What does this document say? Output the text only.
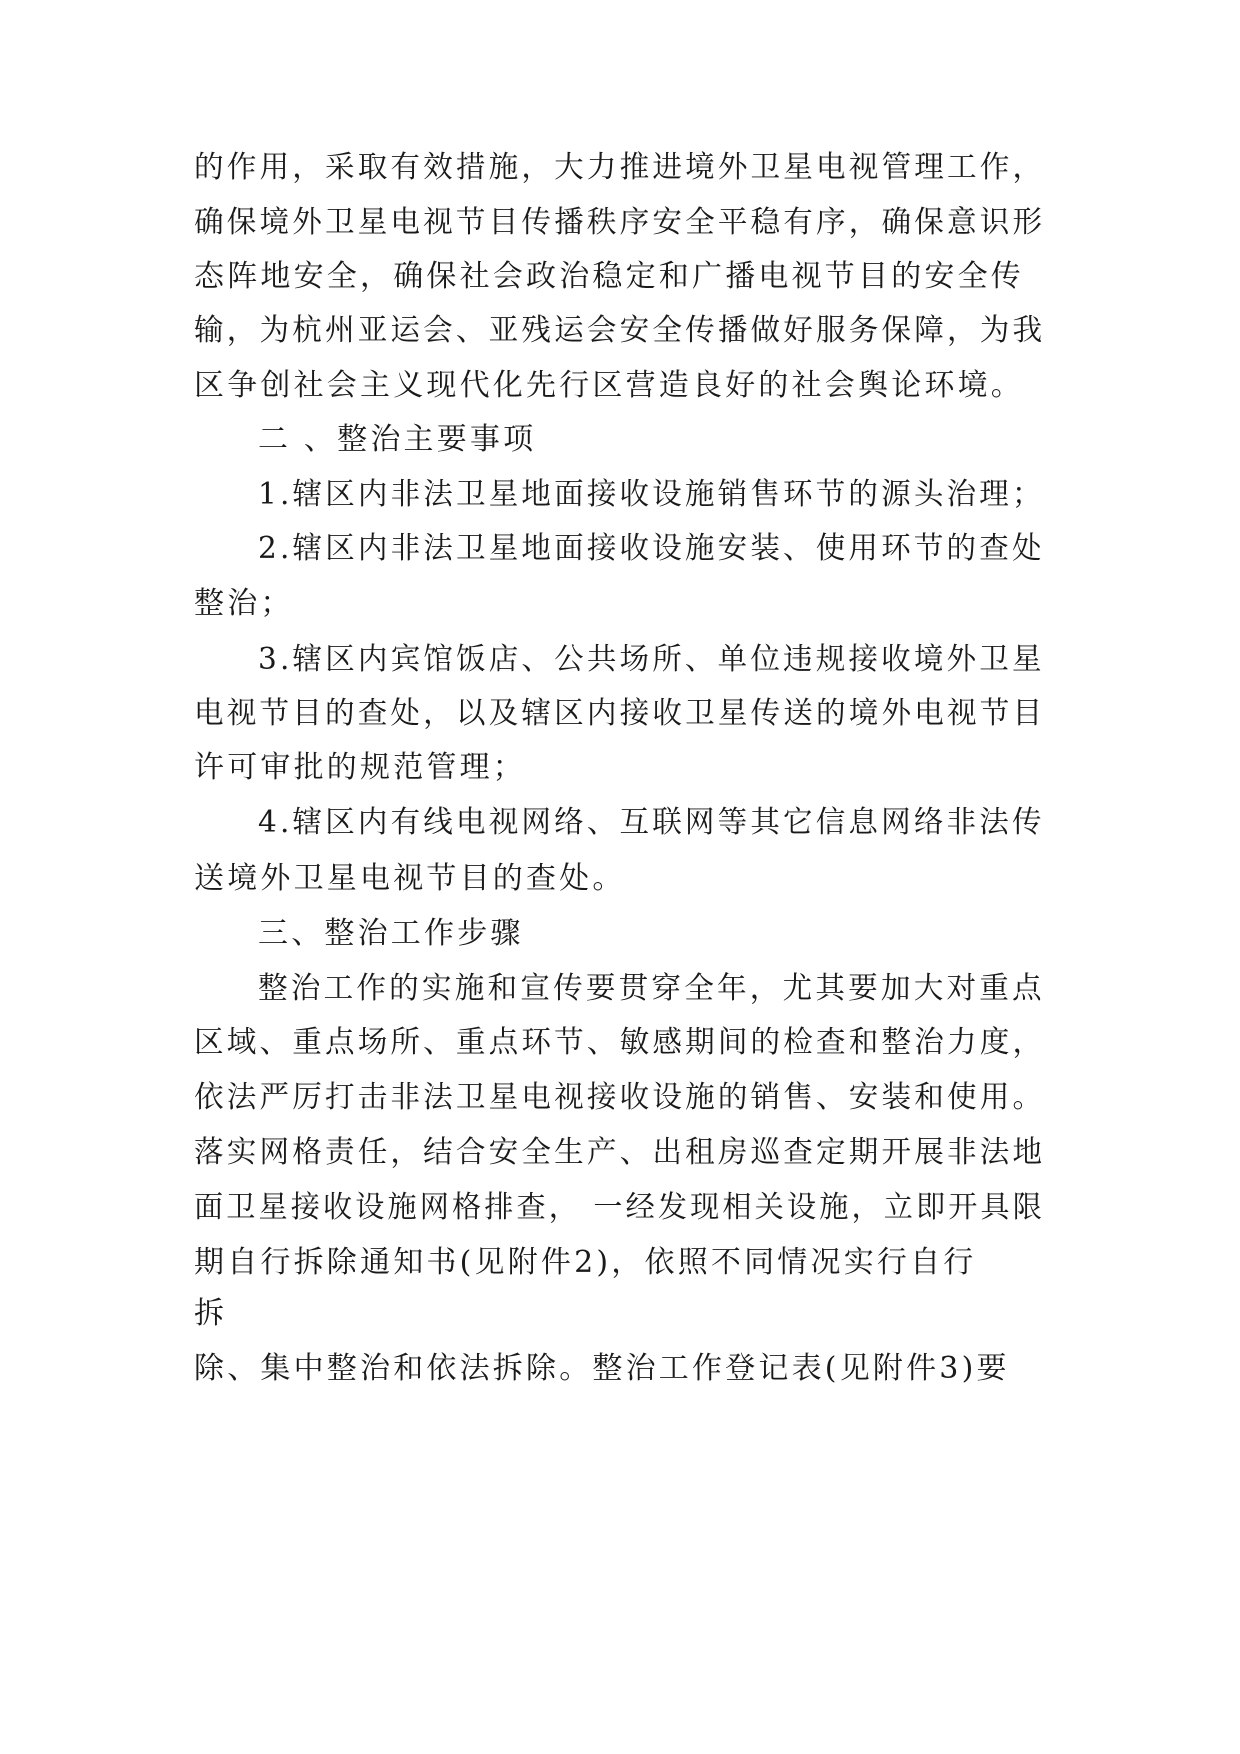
的作用，采取有效措施，大力推进境外卫星电视管理工作，

确保境外卫星电视节目传播秩序安全平稳有序，确保意识形

态阵地安全，确保社会政治稳定和广播电视节目的安全传

输，为杭州亚运会、亚残运会安全传播做好服务保障，为我

区争创社会主义现代化先行区营造良好的社会舆论环境。

二 、整治主要事项

1.辖区内非法卫星地面接收设施销售环节的源头治理；

2.辖区内非法卫星地面接收设施安装、使用环节的查处

整治；

3.辖区内宾馆饭店、公共场所、单位违规接收境外卫星

电视节目的查处，以及辖区内接收卫星传送的境外电视节目

许可审批的规范管理；

4.辖区内有线电视网络、互联网等其它信息网络非法传

送境外卫星电视节目的查处。

三、整治工作步骤

整治工作的实施和宣传要贯穿全年，尤其要加大对重点

区域、重点场所、重点环节、敏感期间的检查和整治力度，

依法严厉打击非法卫星电视接收设施的销售、安装和使用。

落实网格责任，结合安全生产、出租房巡查定期开展非法地

面卫星接收设施网格排查， 一经发现相关设施，立即开具限

期自行拆除通知书(见附件2)，依照不同情况实行自行

拆

除、集中整治和依法拆除。整治工作登记表(见附件3)要
